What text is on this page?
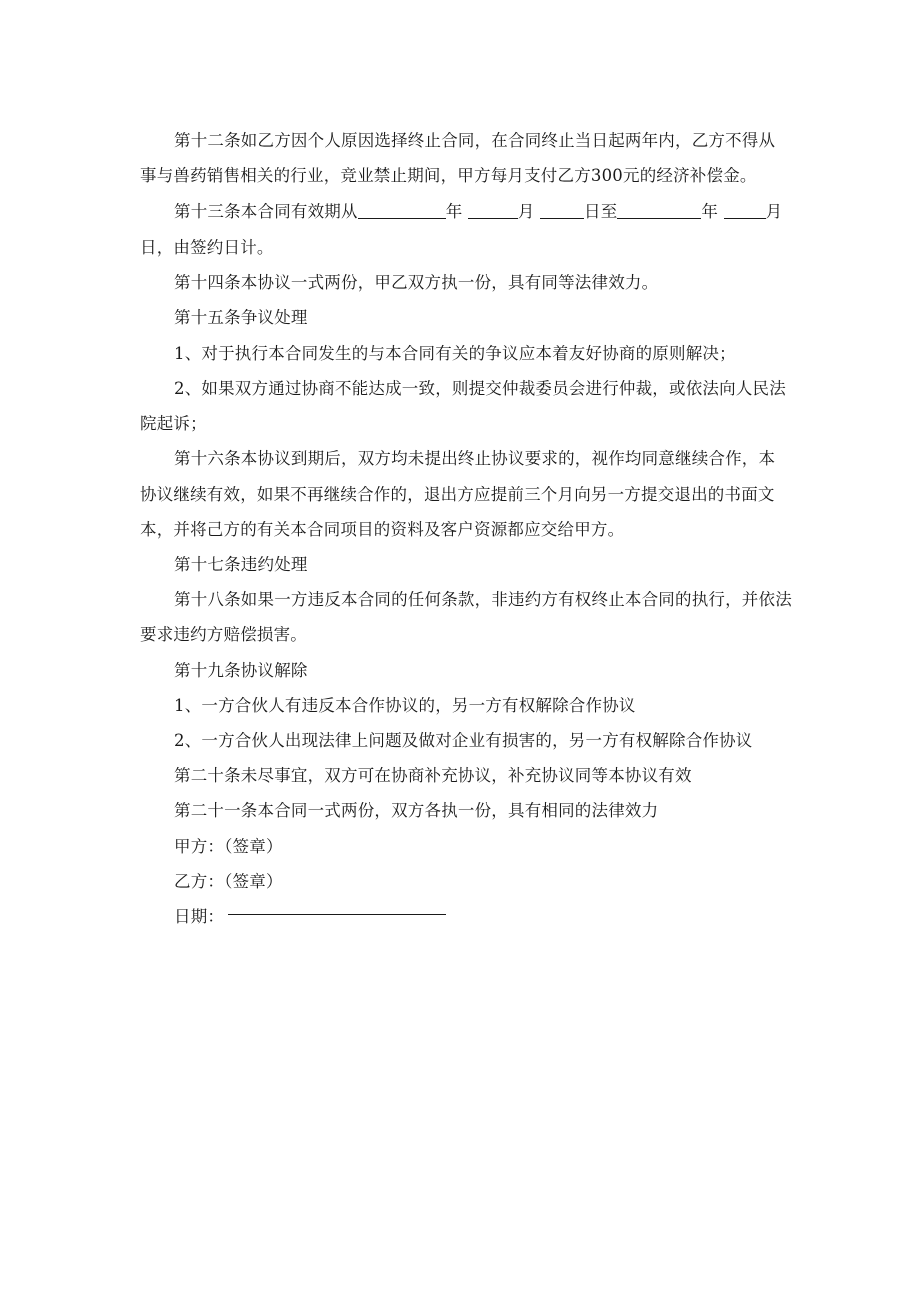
第十二条如乙方因个人原因选择终止合同，在合同终止当日起两年内，乙方不得从
事与兽药销售相关的行业，竞业禁止期间，甲方每月支付乙方300元的经济补偿金。
第十三条本合同有效期从	年	月	日至	年	月
日，由签约日计。
第十四条本协议一式两份，甲乙双方执一份，具有同等法律效力。
第十五条争议处理
1、对于执行本合同发生的与本合同有关的争议应本着友好协商的原则解决；
2、如果双方通过协商不能达成一致，则提交仲裁委员会进行仲裁，或依法向人民法
院起诉；
第十六条本协议到期后，双方均未提出终止协议要求的，视作均同意继续合作，本
协议继续有效，如果不再继续合作的，退出方应提前三个月向另一方提交退出的书面文
本，并将己方的有关本合同项目的资料及客户资源都应交给甲方。
第十七条违约处理
第十八条如果一方违反本合同的任何条款，非违约方有权终止本合同的执行，并依法
要求违约方赔偿损害。
第十九条协议解除
1、一方合伙人有违反本合作协议的，另一方有权解除合作协议
2、一方合伙人出现法律上问题及做对企业有损害的，另一方有权解除合作协议
第二十条未尽事宜，双方可在协商补充协议，补充协议同等本协议有效
第二十一条本合同一式两份，双方各执一份，具有相同的法律效力
甲方：（签章）
乙方：（签章）
日期：
